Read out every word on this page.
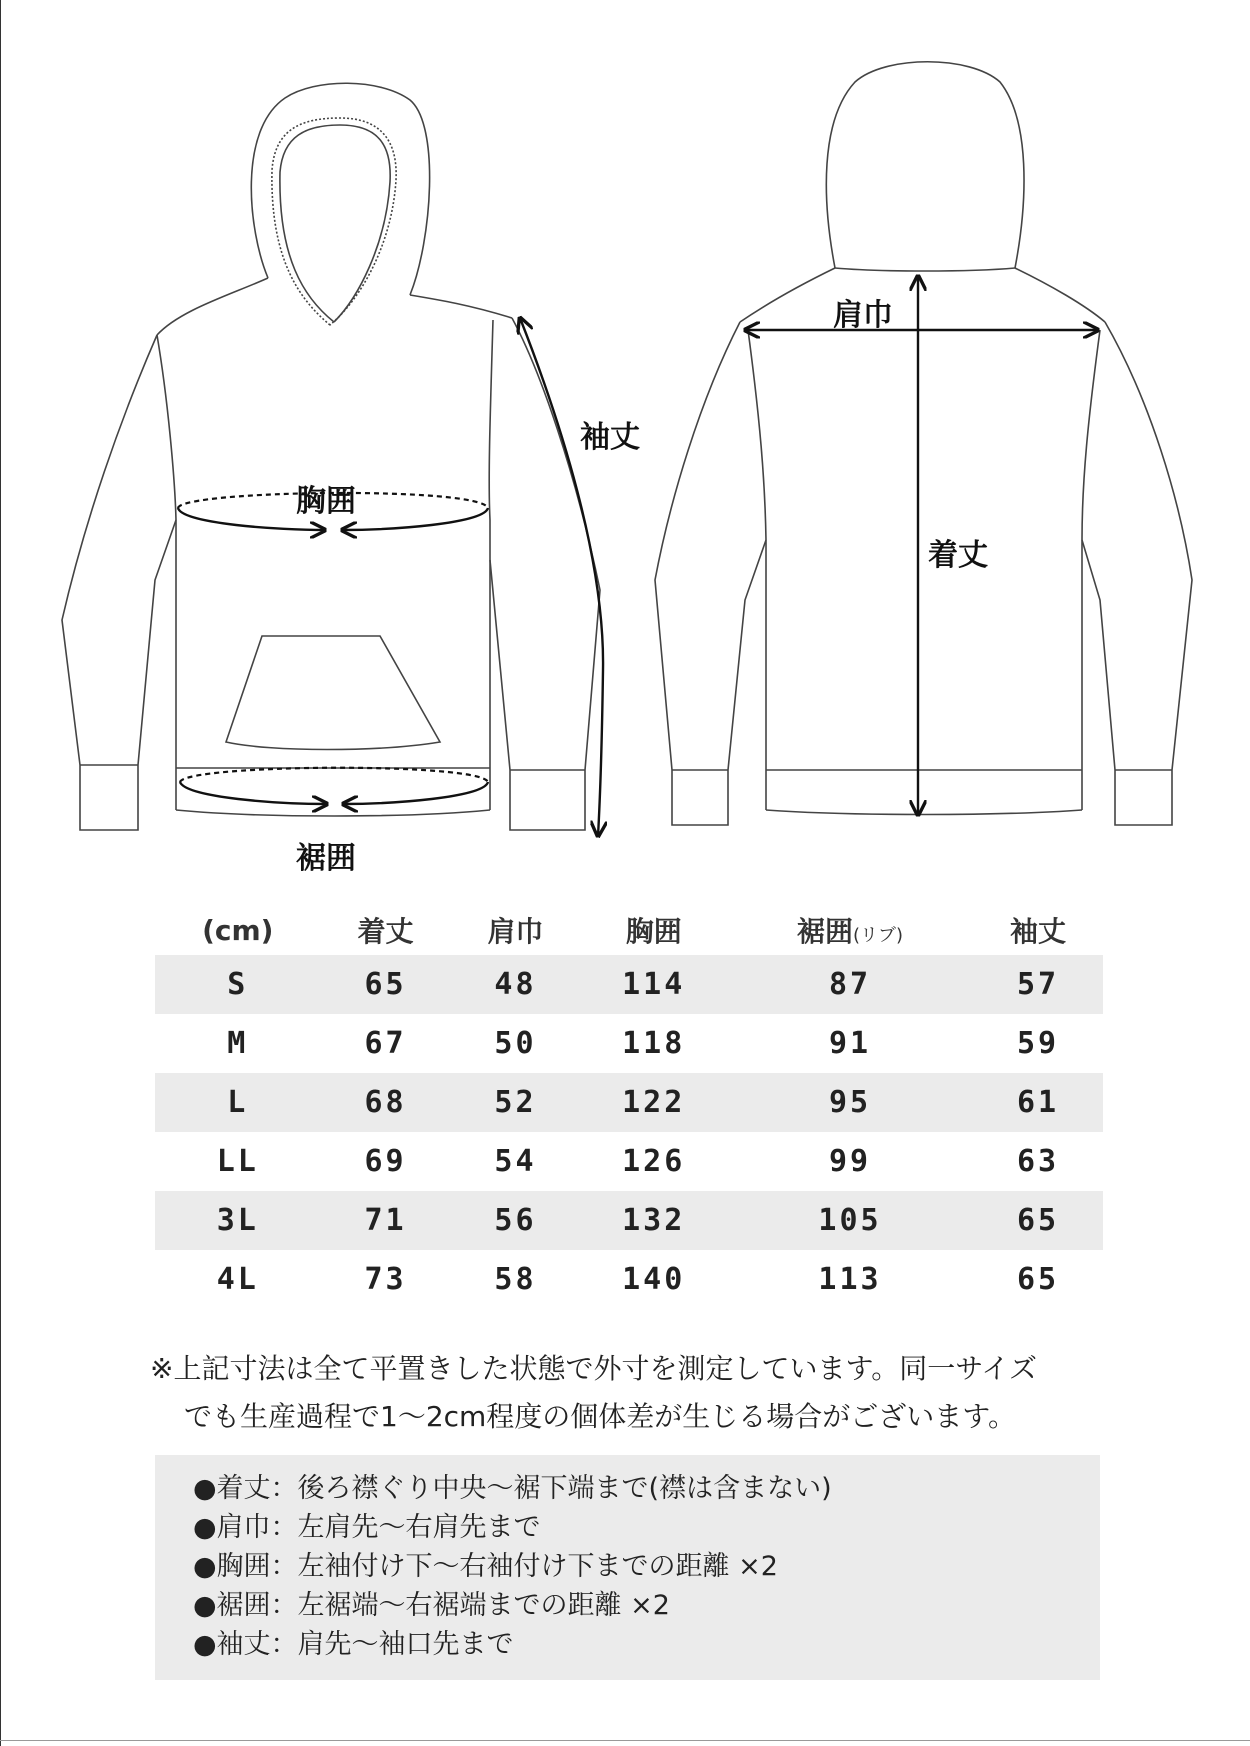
胸囲
裾囲
袖丈
肩巾
着丈
(cm)	着丈	肩巾	胸囲	裾囲(リブ)	袖丈
S	65	48	114	87	57
M	67	50	118	91	59
L	68	52	122	95	61
LL	69	54	126	99	63
3L	71	56	132	105	65
4L	73	58	140	113	65
※上記寸法は全て平置きした状態で外寸を測定しています。同一サイズ
でも生産過程で1～2cm程度の個体差が生じる場合がございます。
●着丈：後ろ襟ぐり中央～裾下端まで(襟は含まない)
●肩巾：左肩先～右肩先まで
●胸囲：左袖付け下～右袖付け下までの距離 ×2
●裾囲：左裾端～右裾端までの距離 ×2
●袖丈：肩先～袖口先まで
